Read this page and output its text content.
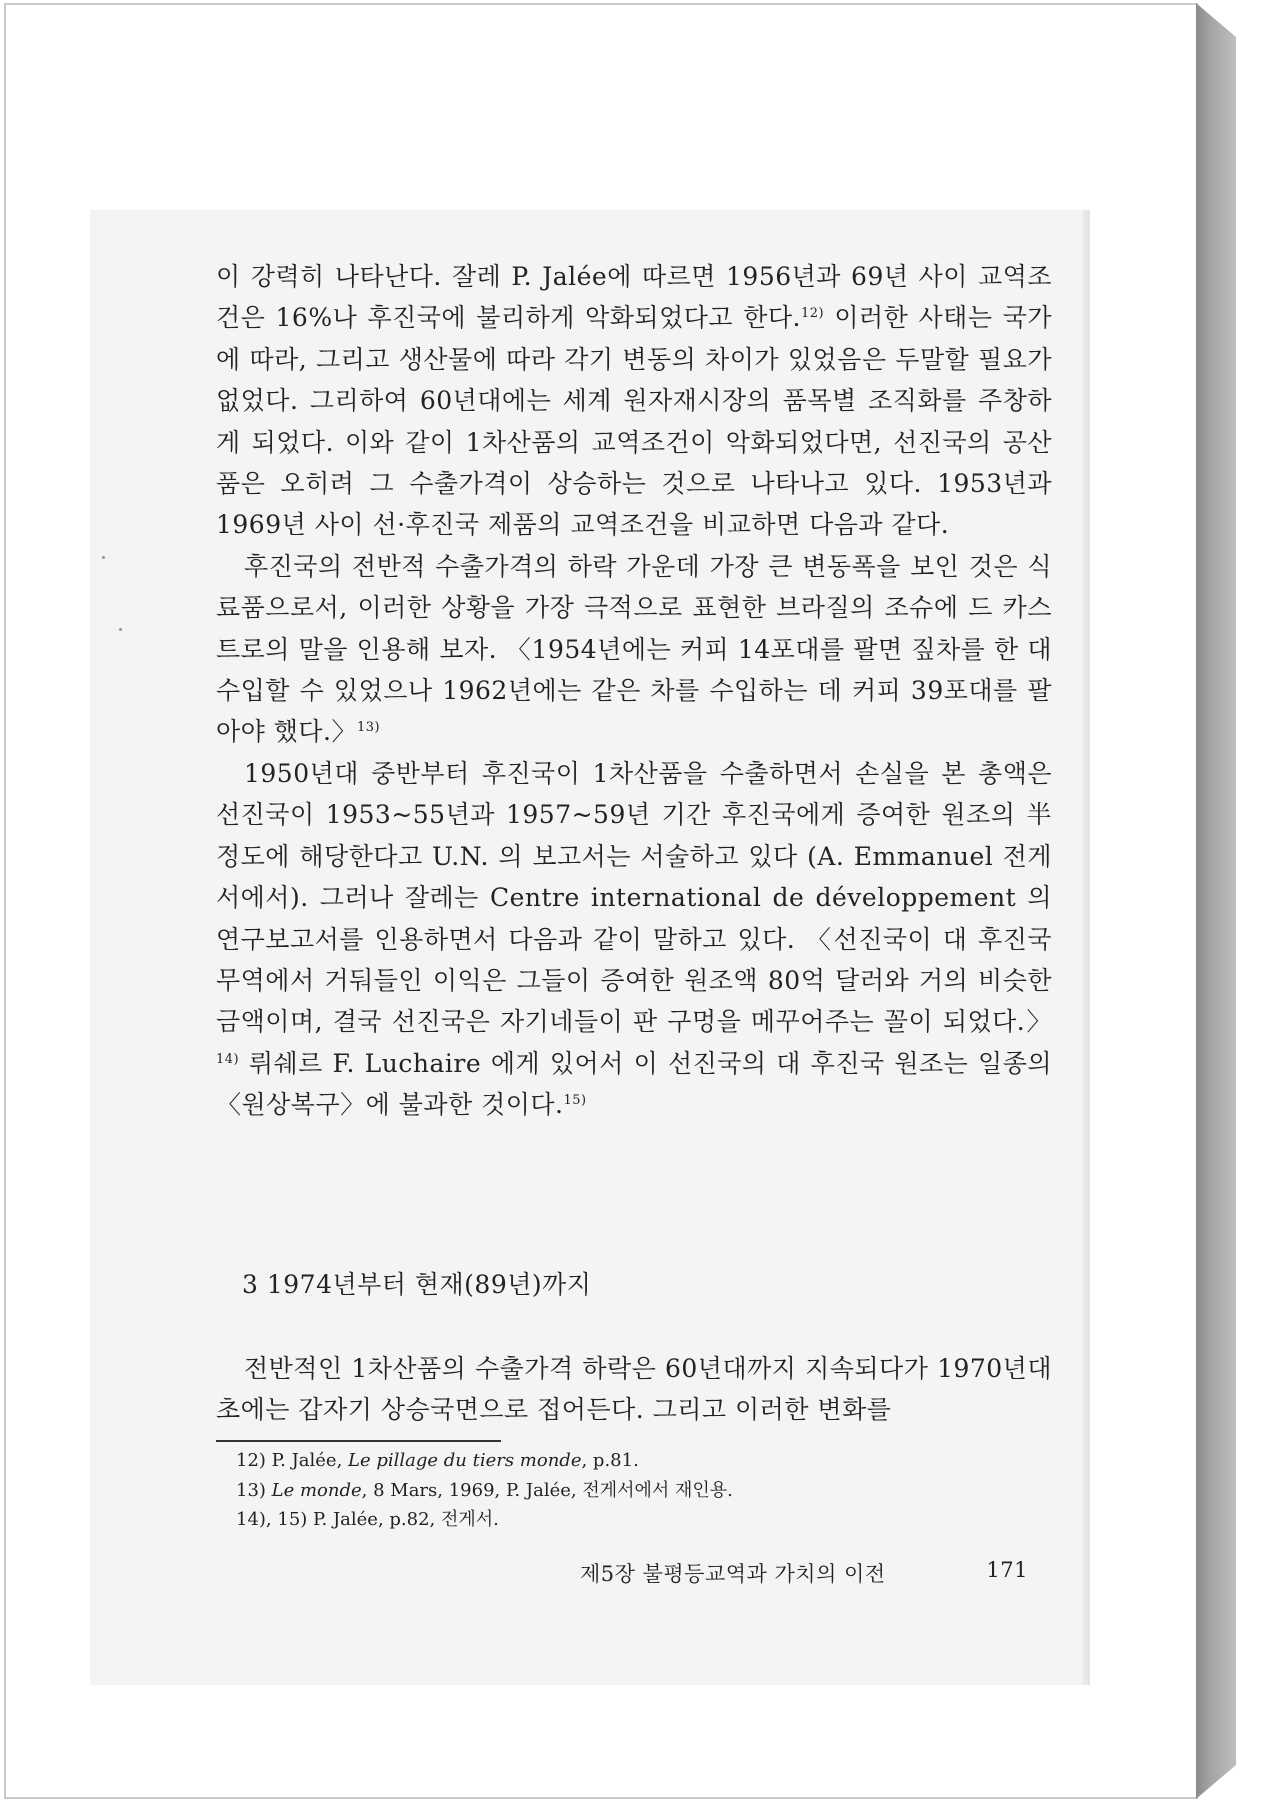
이 강력히 나타난다. 잘레 P. Jalée에 따르면 1956년과 69년 사이 교역조건은 16%나 후진국에 불리하게 악화되었다고 한다.$^{12)}$ 이러한 사태는 국가에 따라, 그리고 생산물에 따라 각기 변동의 차이가 있었음은 두말할 필요가 없었다. 그리하여 60년대에는 세계 원자재시장의 품목별 조직화를 주창하게 되었다. 이와 같이 1차산품의 교역조건이 악화되었다면, 선진국의 공산품은 오히려 그 수출가격이 상승하는 것으로 나타나고 있다. 1953년과 1969년 사이 선·후진국 제품의 교역조건을 비교하면 다음과 같다.

후진국의 전반적 수출가격의 하락 가운데 가장 큰 변동폭을 보인 것은 식료품으로서, 이러한 상황을 가장 극적으로 표현한 브라질의 조슈에 드 카스트로의 말을 인용해 보자. 〈1954년에는 커피 14포대를 팔면 짚차를 한 대 수입할 수 있었으나 1962년에는 같은 차를 수입하는 데 커피 39포대를 팔아야 했다.〉$^{13)}$

1950년대 중반부터 후진국이 1차산품을 수출하면서 손실을 본 총액은 선진국이 1953~55년과 1957~59년 기간 후진국에게 증여한 원조의 半정도에 해당한다고 U.N. 의 보고서는 서술하고 있다 (A. Emmanuel 전게서에서). 그러나 잘레는 Centre international de développement 의 연구보고서를 인용하면서 다음과 같이 말하고 있다. 〈선진국이 대 후진국 무역에서 거둬들인 이익은 그들이 증여한 원조액 80억 달러와 거의 비슷한 금액이며, 결국 선진국은 자기네들이 판 구멍을 메꾸어주는 꼴이 되었다.〉$^{14)}$ 뤼쉐르 F. Luchaire 에게 있어서 이 선진국의 대 후진국 원조는 일종의 〈원상복구〉에 불과한 것이다.$^{15)}$

3 1974년부터 현재(89년)까지

전반적인 1차산품의 수출가격 하락은 60년대까지 지속되다가 1970년대초에는 갑자기 상승국면으로 접어든다. 그리고 이러한 변화를

12) P. Jalée, Le pillage du tiers monde, p.81.

13) Le monde, 8 Mars, 1969, P. Jalée, 전게서에서 재인용.

14), 15) P. Jalée, p.82, 전게서.

제5장 불평등교역과 가치의 이전	171
